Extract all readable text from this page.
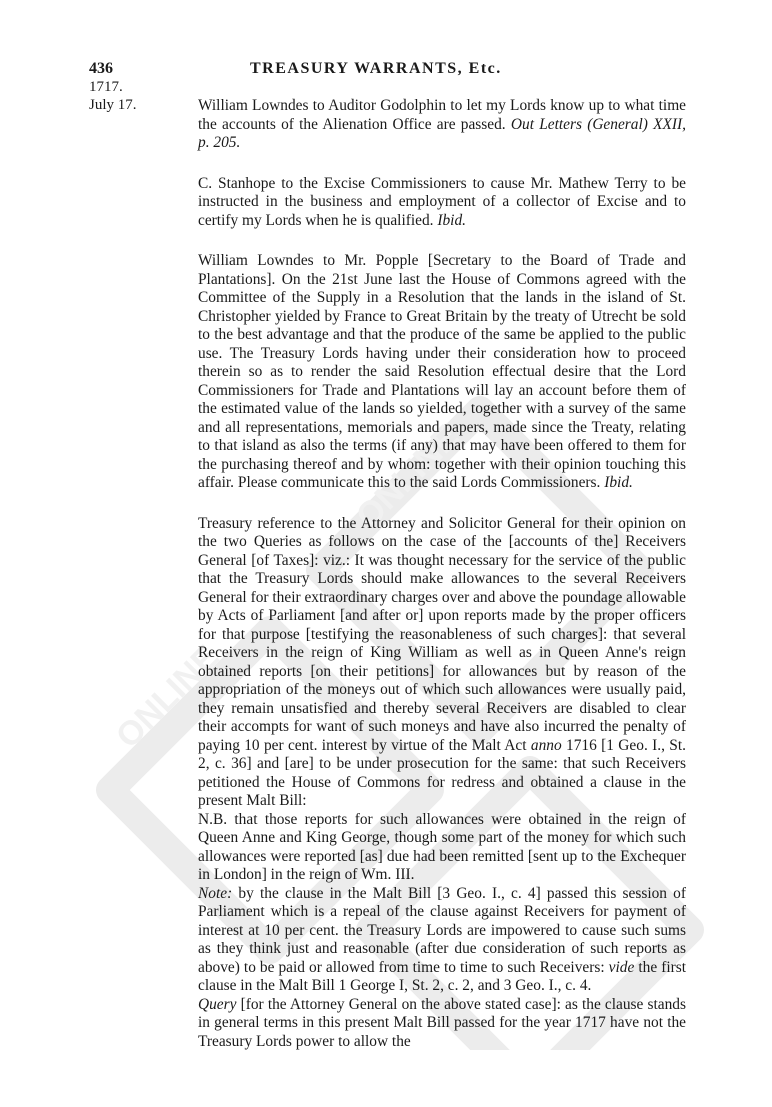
ONLINE
ONLINE
436	TREASURY WARRANTS, Etc.
1717.
July 17.	William Lowndes to Auditor Godolphin to let my Lords know up to what time the accounts of the Alienation Office are passed. Out Letters (General) XXII, p. 205.

C. Stanhope to the Excise Commissioners to cause Mr. Mathew Terry to be instructed in the business and employment of a collector of Excise and to certify my Lords when he is qualified. Ibid.

William Lowndes to Mr. Popple [Secretary to the Board of Trade and Plantations]. On the 21st June last the House of Commons agreed with the Committee of the Supply in a Resolution that the lands in the island of St. Christopher yielded by France to Great Britain by the treaty of Utrecht be sold to the best advantage and that the produce of the same be applied to the public use. The Treasury Lords having under their consideration how to proceed therein so as to render the said Resolution effectual desire that the Lord Commissioners for Trade and Plantations will lay an account before them of the estimated value of the lands so yielded, together with a survey of the same and all representations, memorials and papers, made since the Treaty, relating to that island as also the terms (if any) that may have been offered to them for the purchasing thereof and by whom: together with their opinion touching this affair. Please communicate this to the said Lords Commissioners. Ibid.

Treasury reference to the Attorney and Solicitor General for their opinion on the two Queries as follows on the case of the [accounts of the] Receivers General [of Taxes]: viz.: It was thought necessary for the service of the public that the Treasury Lords should make allowances to the several Receivers General for their extraordinary charges over and above the poundage allowable by Acts of Parliament [and after or] upon reports made by the proper officers for that purpose [testifying the reasonableness of such charges]: that several Receivers in the reign of King William as well as in Queen Anne's reign obtained reports [on their petitions] for allowances but by reason of the appropriation of the moneys out of which such allowances were usually paid, they remain unsatisfied and thereby several Receivers are disabled to clear their accompts for want of such moneys and have also incurred the penalty of paying 10 per cent. interest by virtue of the Malt Act anno 1716 [1 Geo. I., St. 2, c. 36] and [are] to be under prosecution for the same: that such Receivers petitioned the House of Commons for redress and obtained a clause in the present Malt Bill:

N.B. that those reports for such allowances were obtained in the reign of Queen Anne and King George, though some part of the money for which such allowances were reported [as] due had been remitted [sent up to the Exchequer in London] in the reign of Wm. III.

Note: by the clause in the Malt Bill [3 Geo. I., c. 4] passed this session of Parliament which is a repeal of the clause against Receivers for payment of interest at 10 per cent. the Treasury Lords are impowered to cause such sums as they think just and reasonable (after due consideration of such reports as above) to be paid or allowed from time to time to such Receivers: vide the first clause in the Malt Bill 1 George I, St. 2, c. 2, and 3 Geo. I., c. 4.

Query [for the Attorney General on the above stated case]: as the clause stands in general terms in this present Malt Bill passed for the year 1717 have not the Treasury Lords power to allow the
